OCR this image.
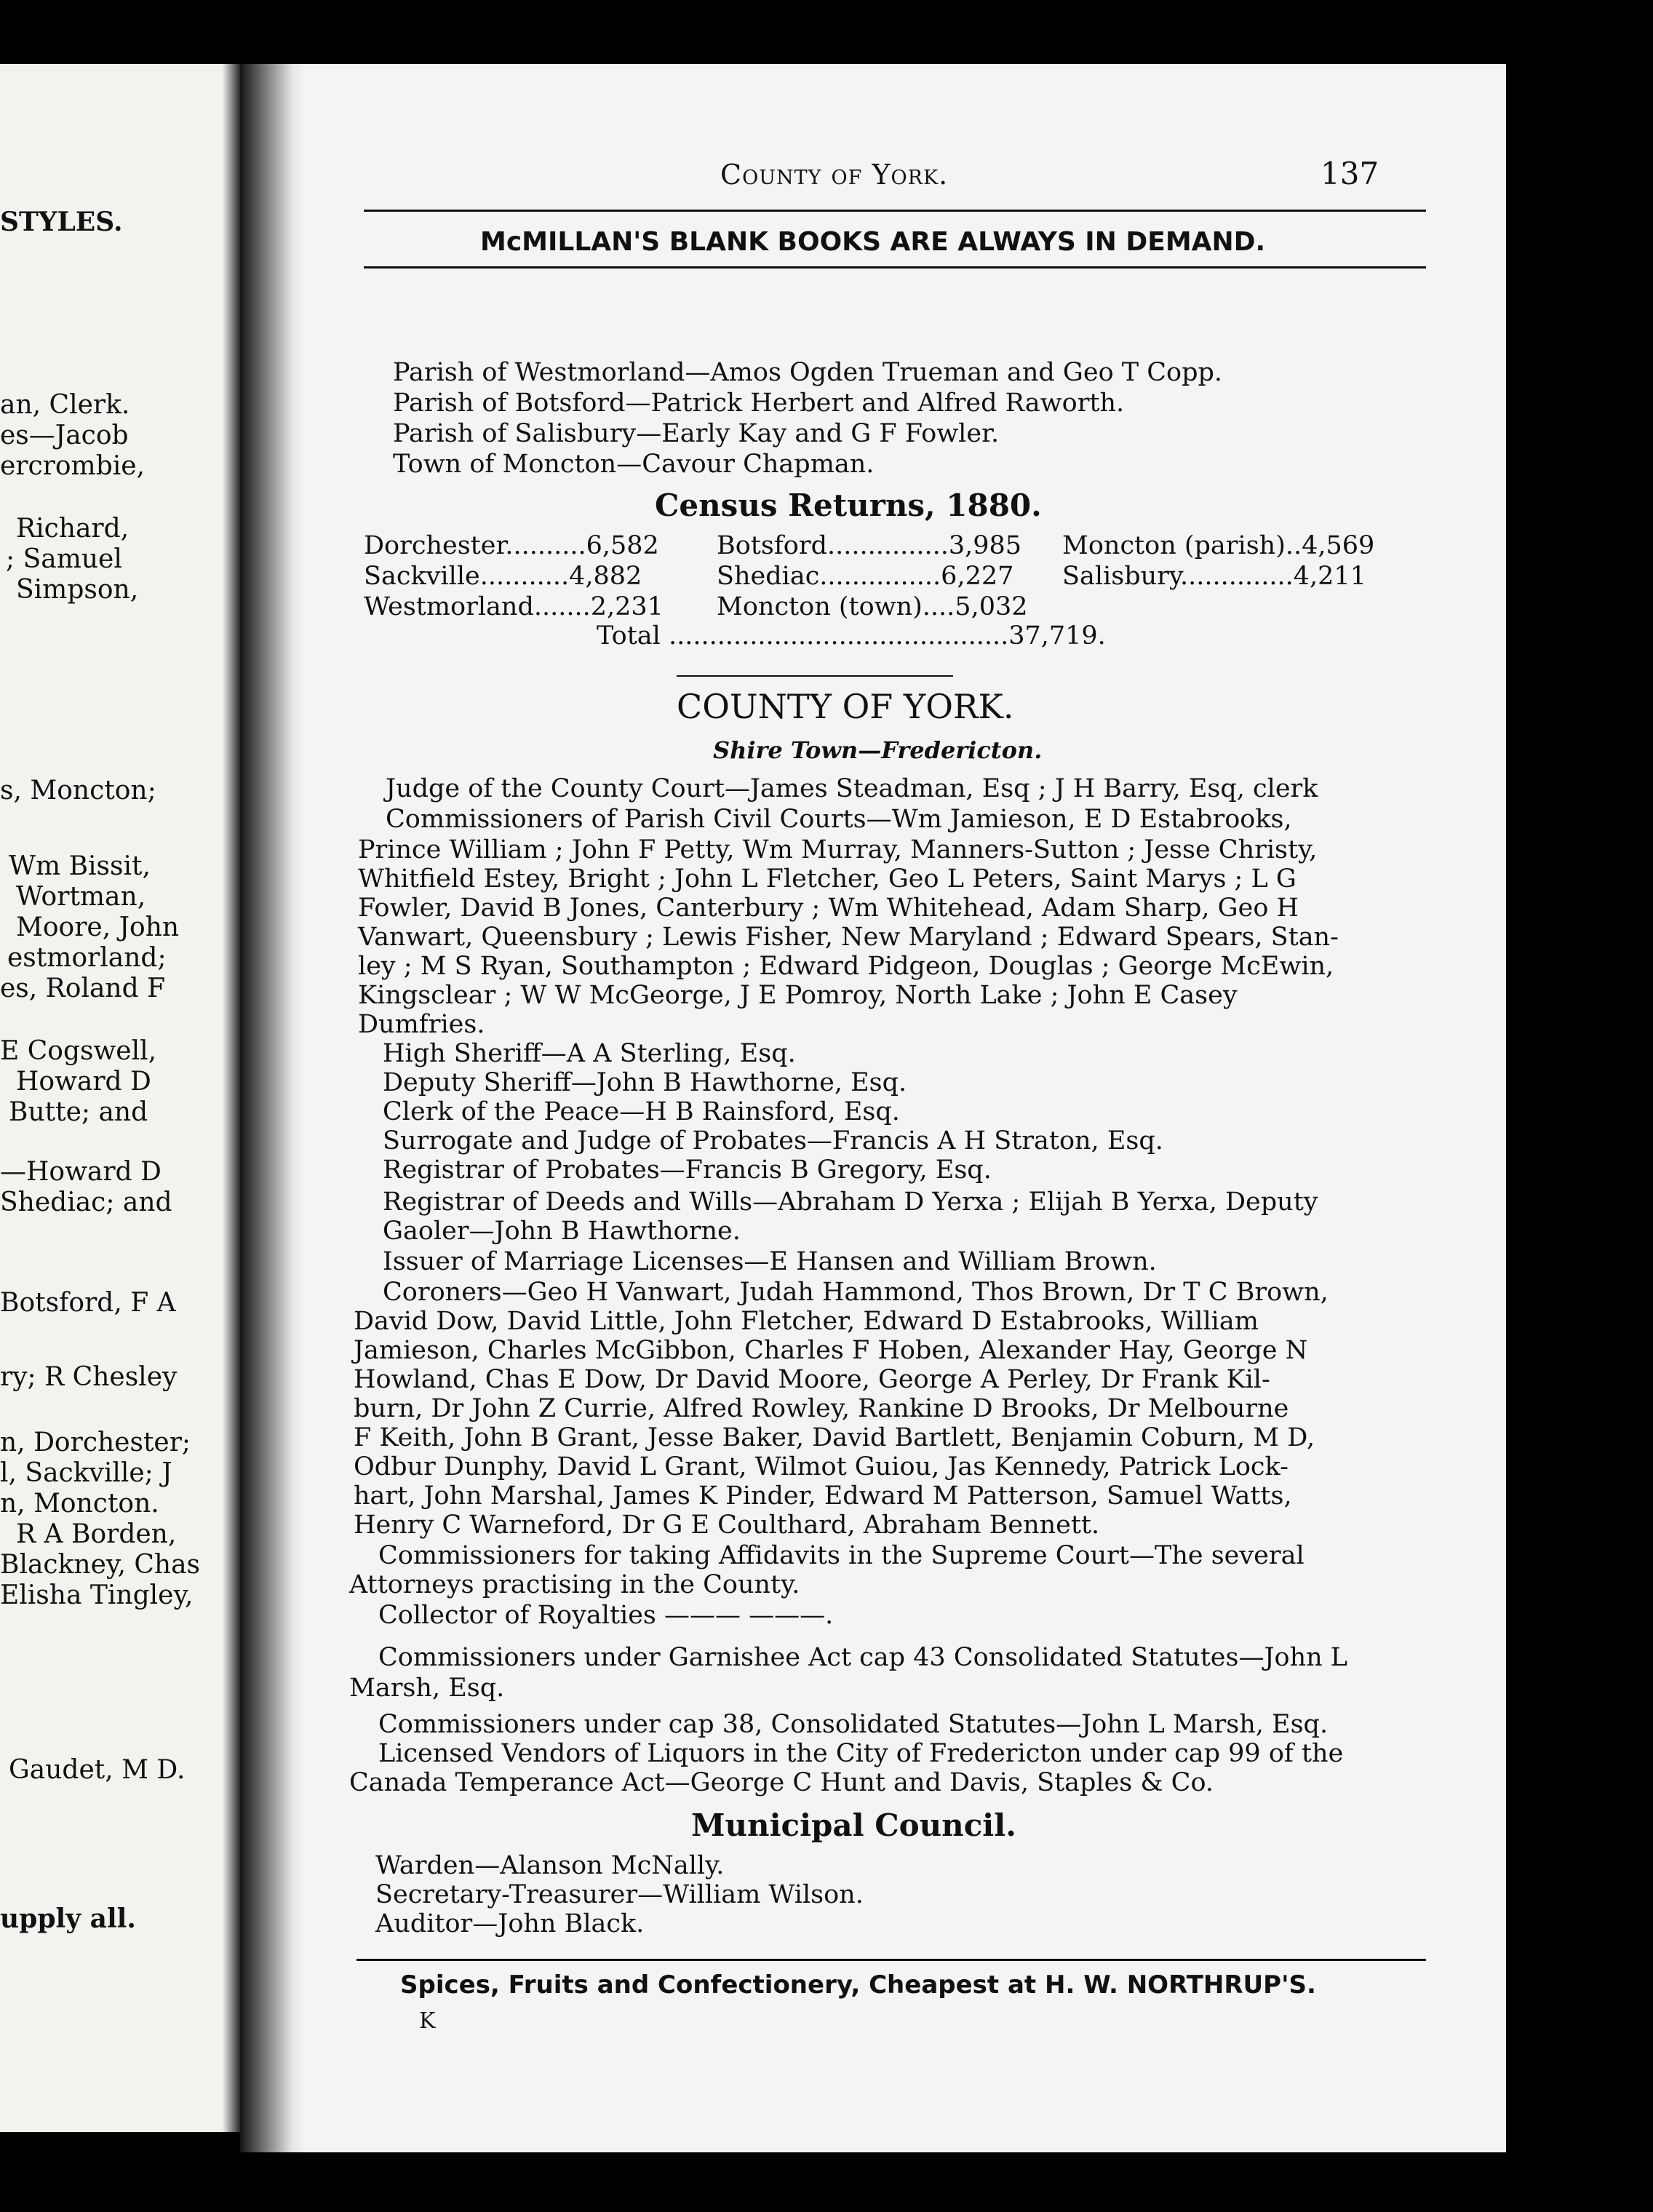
STYLES.
an, Clerk.
es—Jacob
ercrombie,
Richard,
; Samuel
Simpson,
s, Moncton;
Wm Bissit,
Wortman,
Moore, John
estmorland;
es, Roland F
E Cogswell,
Howard D
Butte; and
—Howard D
Shediac; and
Botsford, F A
ry; R Chesley
n, Dorchester;
l, Sackville; J
n, Moncton.
R A Borden,
Blackney, Chas
Elisha Tingley,
Gaudet, M D.
upply all.
County of York.	137
McMILLAN'S BLANK BOOKS ARE ALWAYS IN DEMAND.
Parish of Westmorland—Amos Ogden Trueman and Geo T Copp.
Parish of Botsford—Patrick Herbert and Alfred Raworth.
Parish of Salisbury—Early Kay and G F Fowler.
Town of Moncton—Cavour Chapman.
Census Returns, 1880.
Dorchester..........6,582 Botsford...............3,985 Moncton (parish)..4,569
Sackville...........4,882	Shediac...............6,227 Salisbury..............4,211
Westmorland.......2,231 Moncton (town)....5,032
Total ..........................................37,719.
COUNTY OF YORK.
Shire Town—Fredericton.
Judge of the County Court—James Steadman, Esq ; J H Barry, Esq, clerk
Commissioners of Parish Civil Courts—Wm Jamieson, E D Estabrooks,
Prince William ; John F Petty, Wm Murray, Manners-Sutton ; Jesse Christy,
Whitfield Estey, Bright ; John L Fletcher, Geo L Peters, Saint Marys ; L G
Fowler, David B Jones, Canterbury ; Wm Whitehead, Adam Sharp, Geo H
Vanwart, Queensbury ; Lewis Fisher, New Maryland ; Edward Spears, Stan-
ley ; M S Ryan, Southampton ; Edward Pidgeon, Douglas ; George McEwin,
Kingsclear ; W W McGeorge, J E Pomroy, North Lake ; John E Casey
Dumfries.
High Sheriff—A A Sterling, Esq.
Deputy Sheriff—John B Hawthorne, Esq.
Clerk of the Peace—H B Rainsford, Esq.
Surrogate and Judge of Probates—Francis A H Straton, Esq.
Registrar of Probates—Francis B Gregory, Esq.
Registrar of Deeds and Wills—Abraham D Yerxa ; Elijah B Yerxa, Deputy
Gaoler—John B Hawthorne.
Issuer of Marriage Licenses—E Hansen and William Brown.
Coroners—Geo H Vanwart, Judah Hammond, Thos Brown, Dr T C Brown,
David Dow, David Little, John Fletcher, Edward D Estabrooks, William
Jamieson, Charles McGibbon, Charles F Hoben, Alexander Hay, George N
Howland, Chas E Dow, Dr David Moore, George A Perley, Dr Frank Kil-
burn, Dr John Z Currie, Alfred Rowley, Rankine D Brooks, Dr Melbourne
F Keith, John B Grant, Jesse Baker, David Bartlett, Benjamin Coburn, M D,
Odbur Dunphy, David L Grant, Wilmot Guiou, Jas Kennedy, Patrick Lock-
hart, John Marshal, James K Pinder, Edward M Patterson, Samuel Watts,
Henry C Warneford, Dr G E Coulthard, Abraham Bennett.
Commissioners for taking Affidavits in the Supreme Court—The several
Attorneys practising in the County.
Collector of Royalties ——— ———.
Commissioners under Garnishee Act cap 43 Consolidated Statutes—John L
Marsh, Esq.
Commissioners under cap 38, Consolidated Statutes—John L Marsh, Esq.
Licensed Vendors of Liquors in the City of Fredericton under cap 99 of the
Canada Temperance Act—George C Hunt and Davis, Staples & Co.
Municipal Council.
Warden—Alanson McNally.
Secretary-Treasurer—William Wilson.
Auditor—John Black.
Spices, Fruits and Confectionery, Cheapest at H. W. NORTHRUP'S.
K
